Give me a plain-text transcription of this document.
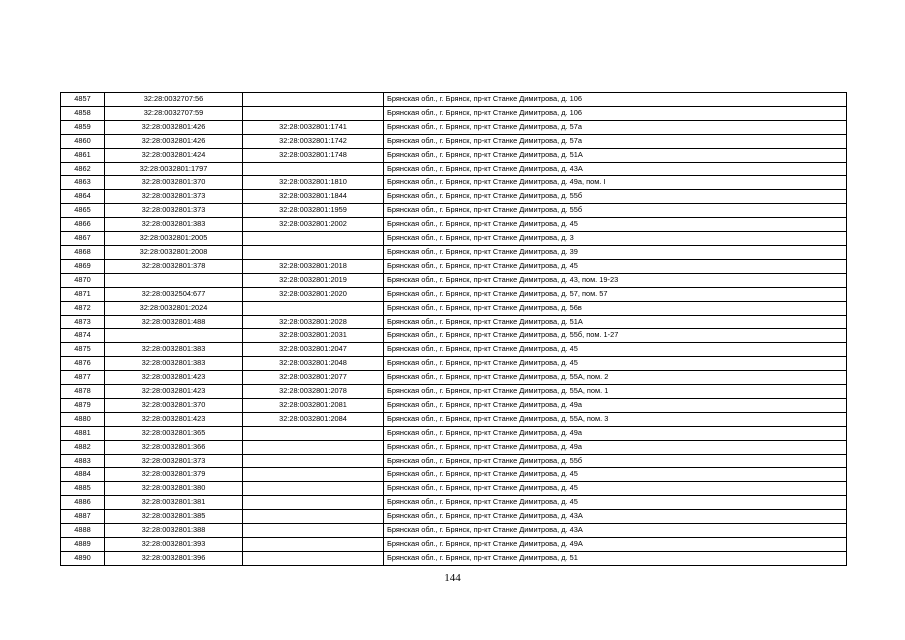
4857	32:28:0032707:56		Брянская обл., г. Брянск, пр-кт Станке Димитрова, д. 106
4858	32:28:0032707:59		Брянская обл., г. Брянск, пр-кт Станке Димитрова, д. 106
4859	32:28:0032801:426	32:28:0032801:1741	Брянская обл., г. Брянск, пр-кт Станке Димитрова, д. 57а
4860	32:28:0032801:426	32:28:0032801:1742	Брянская обл., г. Брянск, пр-кт Станке Димитрова, д. 57а
4861	32:28:0032801:424	32:28:0032801:1748	Брянская обл., г. Брянск, пр-кт Станке Димитрова, д. 51А
4862	32:28:0032801:1797		Брянская обл., г. Брянск, пр-кт Станке Димитрова, д. 43А
4863	32:28:0032801:370	32:28:0032801:1810	Брянская обл., г. Брянск, пр-кт Станке Димитрова, д. 49а, пом. I
4864	32:28:0032801:373	32:28:0032801:1844	Брянская обл., г. Брянск, пр-кт Станке Димитрова, д. 55б
4865	32:28:0032801:373	32:28:0032801:1959	Брянская обл., г. Брянск, пр-кт Станке Димитрова, д. 55б
4866	32:28:0032801:383	32:28:0032801:2002	Брянская обл., г. Брянск, пр-кт Станке Димитрова, д. 45
4867	32:28:0032801:2005		Брянская обл., г. Брянск, пр-кт Станке Димитрова, д. 3
4868	32:28:0032801:2008		Брянская обл., г. Брянск, пр-кт Станке Димитрова, д. 39
4869	32:28:0032801:378	32:28:0032801:2018	Брянская обл., г. Брянск, пр-кт Станке Димитрова, д. 45
4870		32:28:0032801:2019	Брянская обл., г. Брянск, пр-кт Станке Димитрова, д. 43, пом. 19-23
4871	32:28:0032504:677	32:28:0032801:2020	Брянская обл., г. Брянск, пр-кт Станке Димитрова, д. 57, пом. 57
4872	32:28:0032801:2024		Брянская обл., г. Брянск, пр-кт Станке Димитрова, д. 56в
4873	32:28:0032801:488	32:28:0032801:2028	Брянская обл., г. Брянск, пр-кт Станке Димитрова, д. 51А
4874		32:28:0032801:2031	Брянская обл., г. Брянск, пр-кт Станке Димитрова, д. 55б, пом. 1-27
4875	32:28:0032801:383	32:28:0032801:2047	Брянская обл., г. Брянск, пр-кт Станке Димитрова, д. 45
4876	32:28:0032801:383	32:28:0032801:2048	Брянская обл., г. Брянск, пр-кт Станке Димитрова, д. 45
4877	32:28:0032801:423	32:28:0032801:2077	Брянская обл., г. Брянск, пр-кт Станке Димитрова, д. 55А, пом. 2
4878	32:28:0032801:423	32:28:0032801:2078	Брянская обл., г. Брянск, пр-кт Станке Димитрова, д. 55А, пом. 1
4879	32:28:0032801:370	32:28:0032801:2081	Брянская обл., г. Брянск, пр-кт Станке Димитрова, д. 49а
4880	32:28:0032801:423	32:28:0032801:2084	Брянская обл., г. Брянск, пр-кт Станке Димитрова, д. 55А, пом. 3
4881	32:28:0032801:365		Брянская обл., г. Брянск, пр-кт Станке Димитрова, д. 49а
4882	32:28:0032801:366		Брянская обл., г. Брянск, пр-кт Станке Димитрова, д. 49а
4883	32:28:0032801:373		Брянская обл., г. Брянск, пр-кт Станке Димитрова, д. 55б
4884	32:28:0032801:379		Брянская обл., г. Брянск, пр-кт Станке Димитрова, д. 45
4885	32:28:0032801:380		Брянская обл., г. Брянск, пр-кт Станке Димитрова, д. 45
4886	32:28:0032801:381		Брянская обл., г. Брянск, пр-кт Станке Димитрова, д. 45
4887	32:28:0032801:385		Брянская обл., г. Брянск, пр-кт Станке Димитрова, д. 43А
4888	32:28:0032801:388		Брянская обл., г. Брянск, пр-кт Станке Димитрова, д. 43А
4889	32:28:0032801:393		Брянская обл., г. Брянск, пр-кт Станке Димитрова, д. 49А
4890	32:28:0032801:396		Брянская обл., г. Брянск, пр-кт Станке Димитрова, д. 51
144
